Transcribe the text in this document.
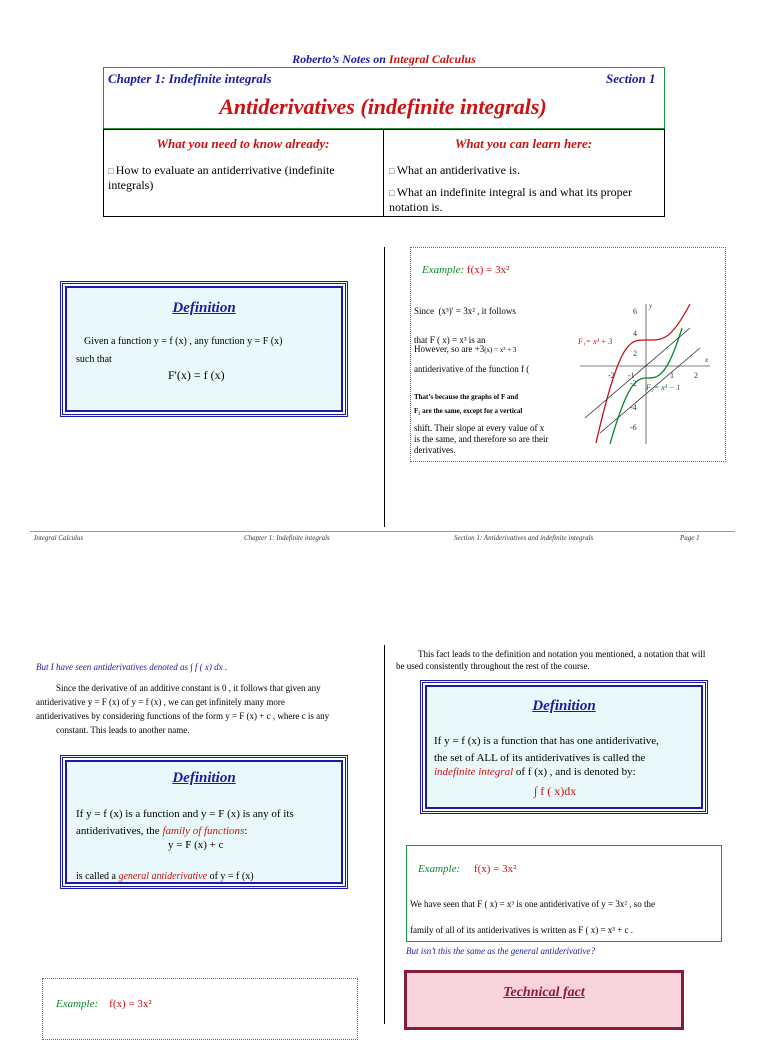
Roberto’s Notes on Integral Calculus
Chapter 1: Indefinite integrals	Section 1
Antiderivatives (indefinite integrals)
What you need to know already:	What you can learn here:
□ How to evaluate an antiderrivative (indefinite integrals)
□ What an antiderivative is.
□ What an indefinite integral is and what its proper notation is.
Definition
Given a function y = f (x) , any function y = F (x)
such that
F'(x) = f (x)
Example: f(x) = 3x²
Since (x³)′ = 3x² , it follows
that F ( x) = x³ is an
However, so are +3(x) = x³ + 3
antiderivative of the function f (
That’s because the graphs of F and
F₂ are the same, except for a vertical
shift. Their slope at every value of x
is the same, and therefore so are their
derivatives.
6
4
2
-2
-4
-6
-2 -1	1	2
x
y
F₁= x³ + 3
F₂= x³ − 1
Integral Calculus	Chapter 1: Indefinite integrals	Section 1: Antiderivatives and indefinite integrals	Page 1
But I have seen antiderivatives denoted as ∫ f ( x) dx .
Since the derivative of an additive constant is 0 , it follows that given any
antiderivative y = F (x) of y = f (x) , we can get infinitely many more
antiderivatives by considering functions of the form y = F (x) + c , where c is any
constant. This leads to another name.
Definition
If y = f (x) is a function and y = F (x) is any of its
antiderivatives, the family of functions:
y = F (x) + c
is called a general antiderivative of y = f (x)
Example: f(x) = 3x²
This fact leads to the definition and notation you mentioned, a notation that will
be used consistently throughout the rest of the course.
Definition
If y = f (x) is a function that has one antiderivative,
the set of ALL of its antiderivatives is called the
indefinite integral of f (x) , and is denoted by:
∫ f ( x)dx
Example: f(x) = 3x²
We have seen that F ( x) = x³ is one antiderivative of y = 3x² , so the
family of all of its antiderivatives is written as F ( x) = x³ + c .
But isn’t this the same as the general antiderivative?
Technical fact
